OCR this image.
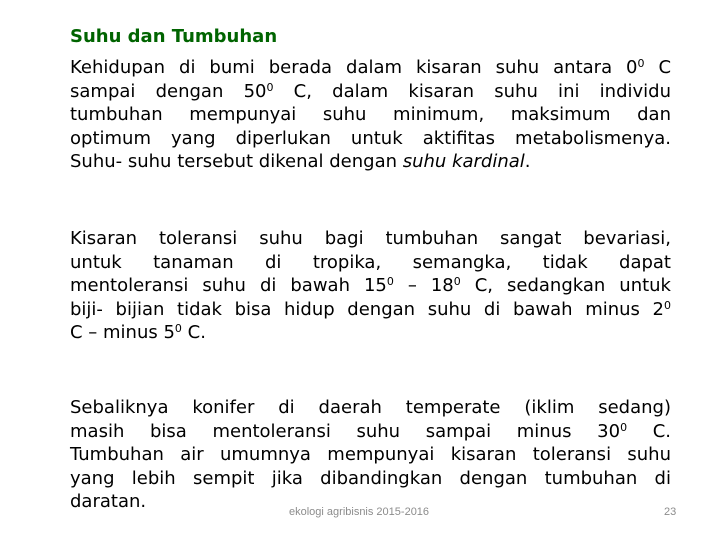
Suhu dan Tumbuhan
Kehidupan di bumi berada dalam kisaran suhu antara $0^0$ C
sampai dengan $50^0$ C, dalam kisaran suhu ini individu
tumbuhan mempunyai suhu minimum, maksimum dan
optimum yang diperlukan untuk aktifitas metabolismenya.
Suhu- suhu tersebut dikenal dengan suhu kardinal.
Kisaran toleransi suhu bagi tumbuhan sangat bevariasi,
untuk tanaman di tropika, semangka, tidak dapat
mentoleransi suhu di bawah $15^0 - 18^0$ C, sedangkan untuk
biji- bijian tidak bisa hidup dengan suhu di bawah minus $2^0$
C – minus $5^0$ C.
Sebaliknya konifer di daerah temperate (iklim sedang)
masih bisa mentoleransi suhu sampai minus $30^0$ C.
Tumbuhan air umumnya mempunyai kisaran toleransi suhu
yang lebih sempit jika dibandingkan dengan tumbuhan di
daratan.	ekologi agribisnis 2015-2016	23
